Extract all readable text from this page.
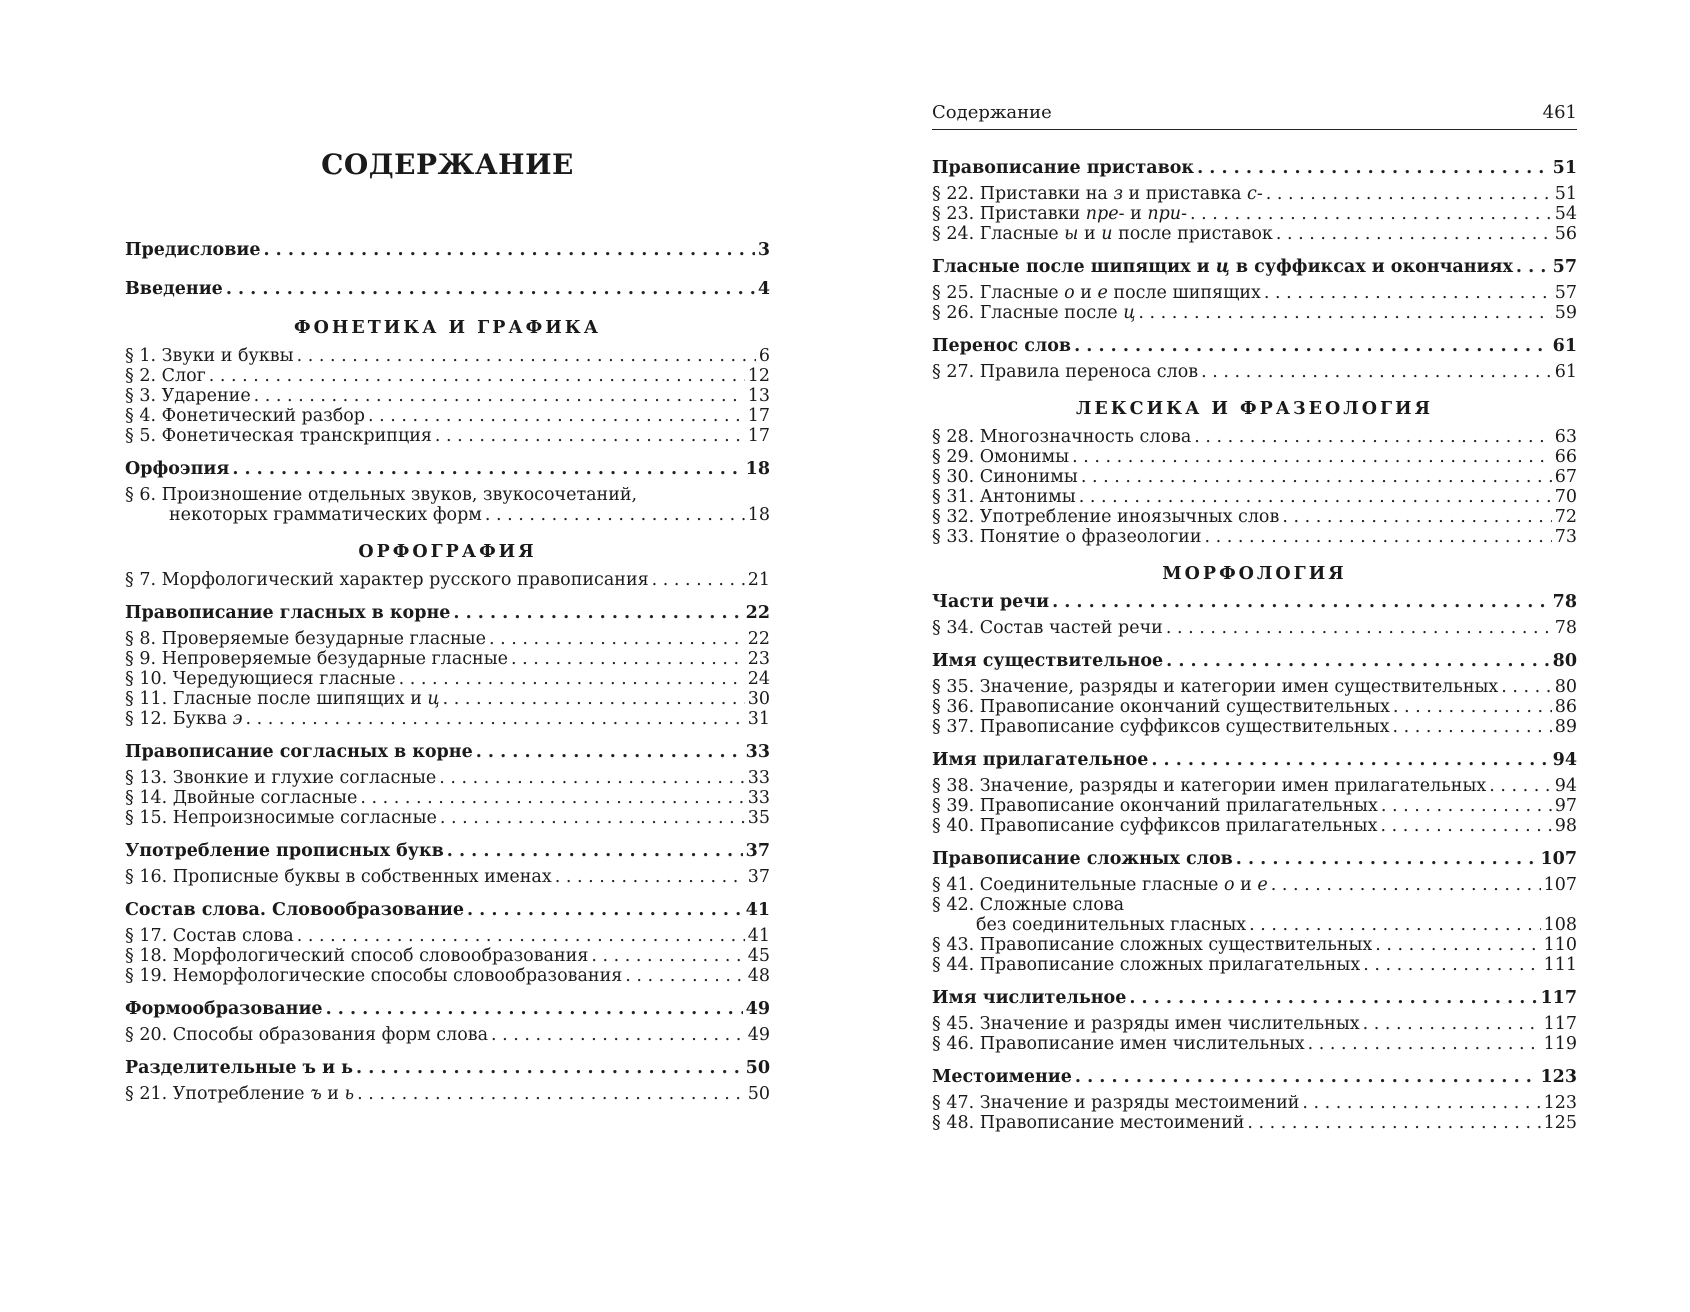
СОДЕРЖАНИЕ
Предисловие . . .	3
Введение . . .	4
ФОНЕТИКА И ГРАФИКА
§ 1. Звуки и буквы . . .	6
§ 2. Слог . . .	12
§ 3. Ударение . . .	13
§ 4. Фонетический разбор . . .	17
§ 5. Фонетическая транскрипция . . .	17
Орфоэпия . . .	18
§ 6. Произношение отдельных звуков, звукосочетаний,
некоторых грамматических форм . . .	18
ОРФОГРАФИЯ
§ 7. Морфологический характер русского правописания . . .	21
Правописание гласных в корне . . .	22
§ 8. Проверяемые безударные гласные . . .	22
§ 9. Непроверяемые безударные гласные . . .	23
§ 10. Чередующиеся гласные . . .	24
§ 11. Гласные после шипящих и ц . . .	30
§ 12. Буква э . . .	31
Правописание согласных в корне . . .	33
§ 13. Звонкие и глухие согласные . . .	33
§ 14. Двойные согласные . . .	33
§ 15. Непроизносимые согласные . . .	35
Употребление прописных букв . . .	37
§ 16. Прописные буквы в собственных именах . . .	37
Состав слова. Словообразование . . .	41
§ 17. Состав слова . . .	41
§ 18. Морфологический способ словообразования . . .	45
§ 19. Неморфологические способы словообразования . . .	48
Формообразование . . .	49
§ 20. Способы образования форм слова . . .	49
Разделительные ъ и ь . . .	50
§ 21. Употребление ъ и ь . . .	50
Содержание	461
Правописание приставок . . .	51
§ 22. Приставки на з и приставка с- . . .	51
§ 23. Приставки пре- и при- . . .	54
§ 24. Гласные ы и и после приставок . . .	56
Гласные после шипящих и ц в суффиксах и окончаниях . . . 57
§ 25. Гласные о и е после шипящих . . .	57
§ 26. Гласные после ц . . .	59
Перенос слов . . .	61
§ 27. Правила переноса слов . . .	61
ЛЕКСИКА И ФРАЗЕОЛОГИЯ
§ 28. Многозначность слова . . .	63
§ 29. Омонимы . . .	66
§ 30. Синонимы . . .	67
§ 31. Антонимы . . .	70
§ 32. Употребление иноязычных слов . . .	72
§ 33. Понятие о фразеологии . . .	73
МОРФОЛОГИЯ
Части речи . . .	78
§ 34. Состав частей речи . . .	78
Имя существительное . . .	80
§ 35. Значение, разряды и категории имен существительных . . .	80
§ 36. Правописание окончаний существительных . . .	86
§ 37. Правописание суффиксов существительных . . .	89
Имя прилагательное . . .	94
§ 38. Значение, разряды и категории имен прилагательных . . .	94
§ 39. Правописание окончаний прилагательных . . .	97
§ 40. Правописание суффиксов прилагательных . . .	98
Правописание сложных слов . . .	107
§ 41. Соединительные гласные о и е . . .	107
§ 42. Сложные слова
без соединительных гласных . . .	108
§ 43. Правописание сложных существительных . . .	110
§ 44. Правописание сложных прилагательных . . .	111
Имя числительное . . .	117
§ 45. Значение и разряды имен числительных . . .	117
§ 46. Правописание имен числительных . . .	119
Местоимение . . .	123
§ 47. Значение и разряды местоимений . . .	123
§ 48. Правописание местоимений . . .	125
